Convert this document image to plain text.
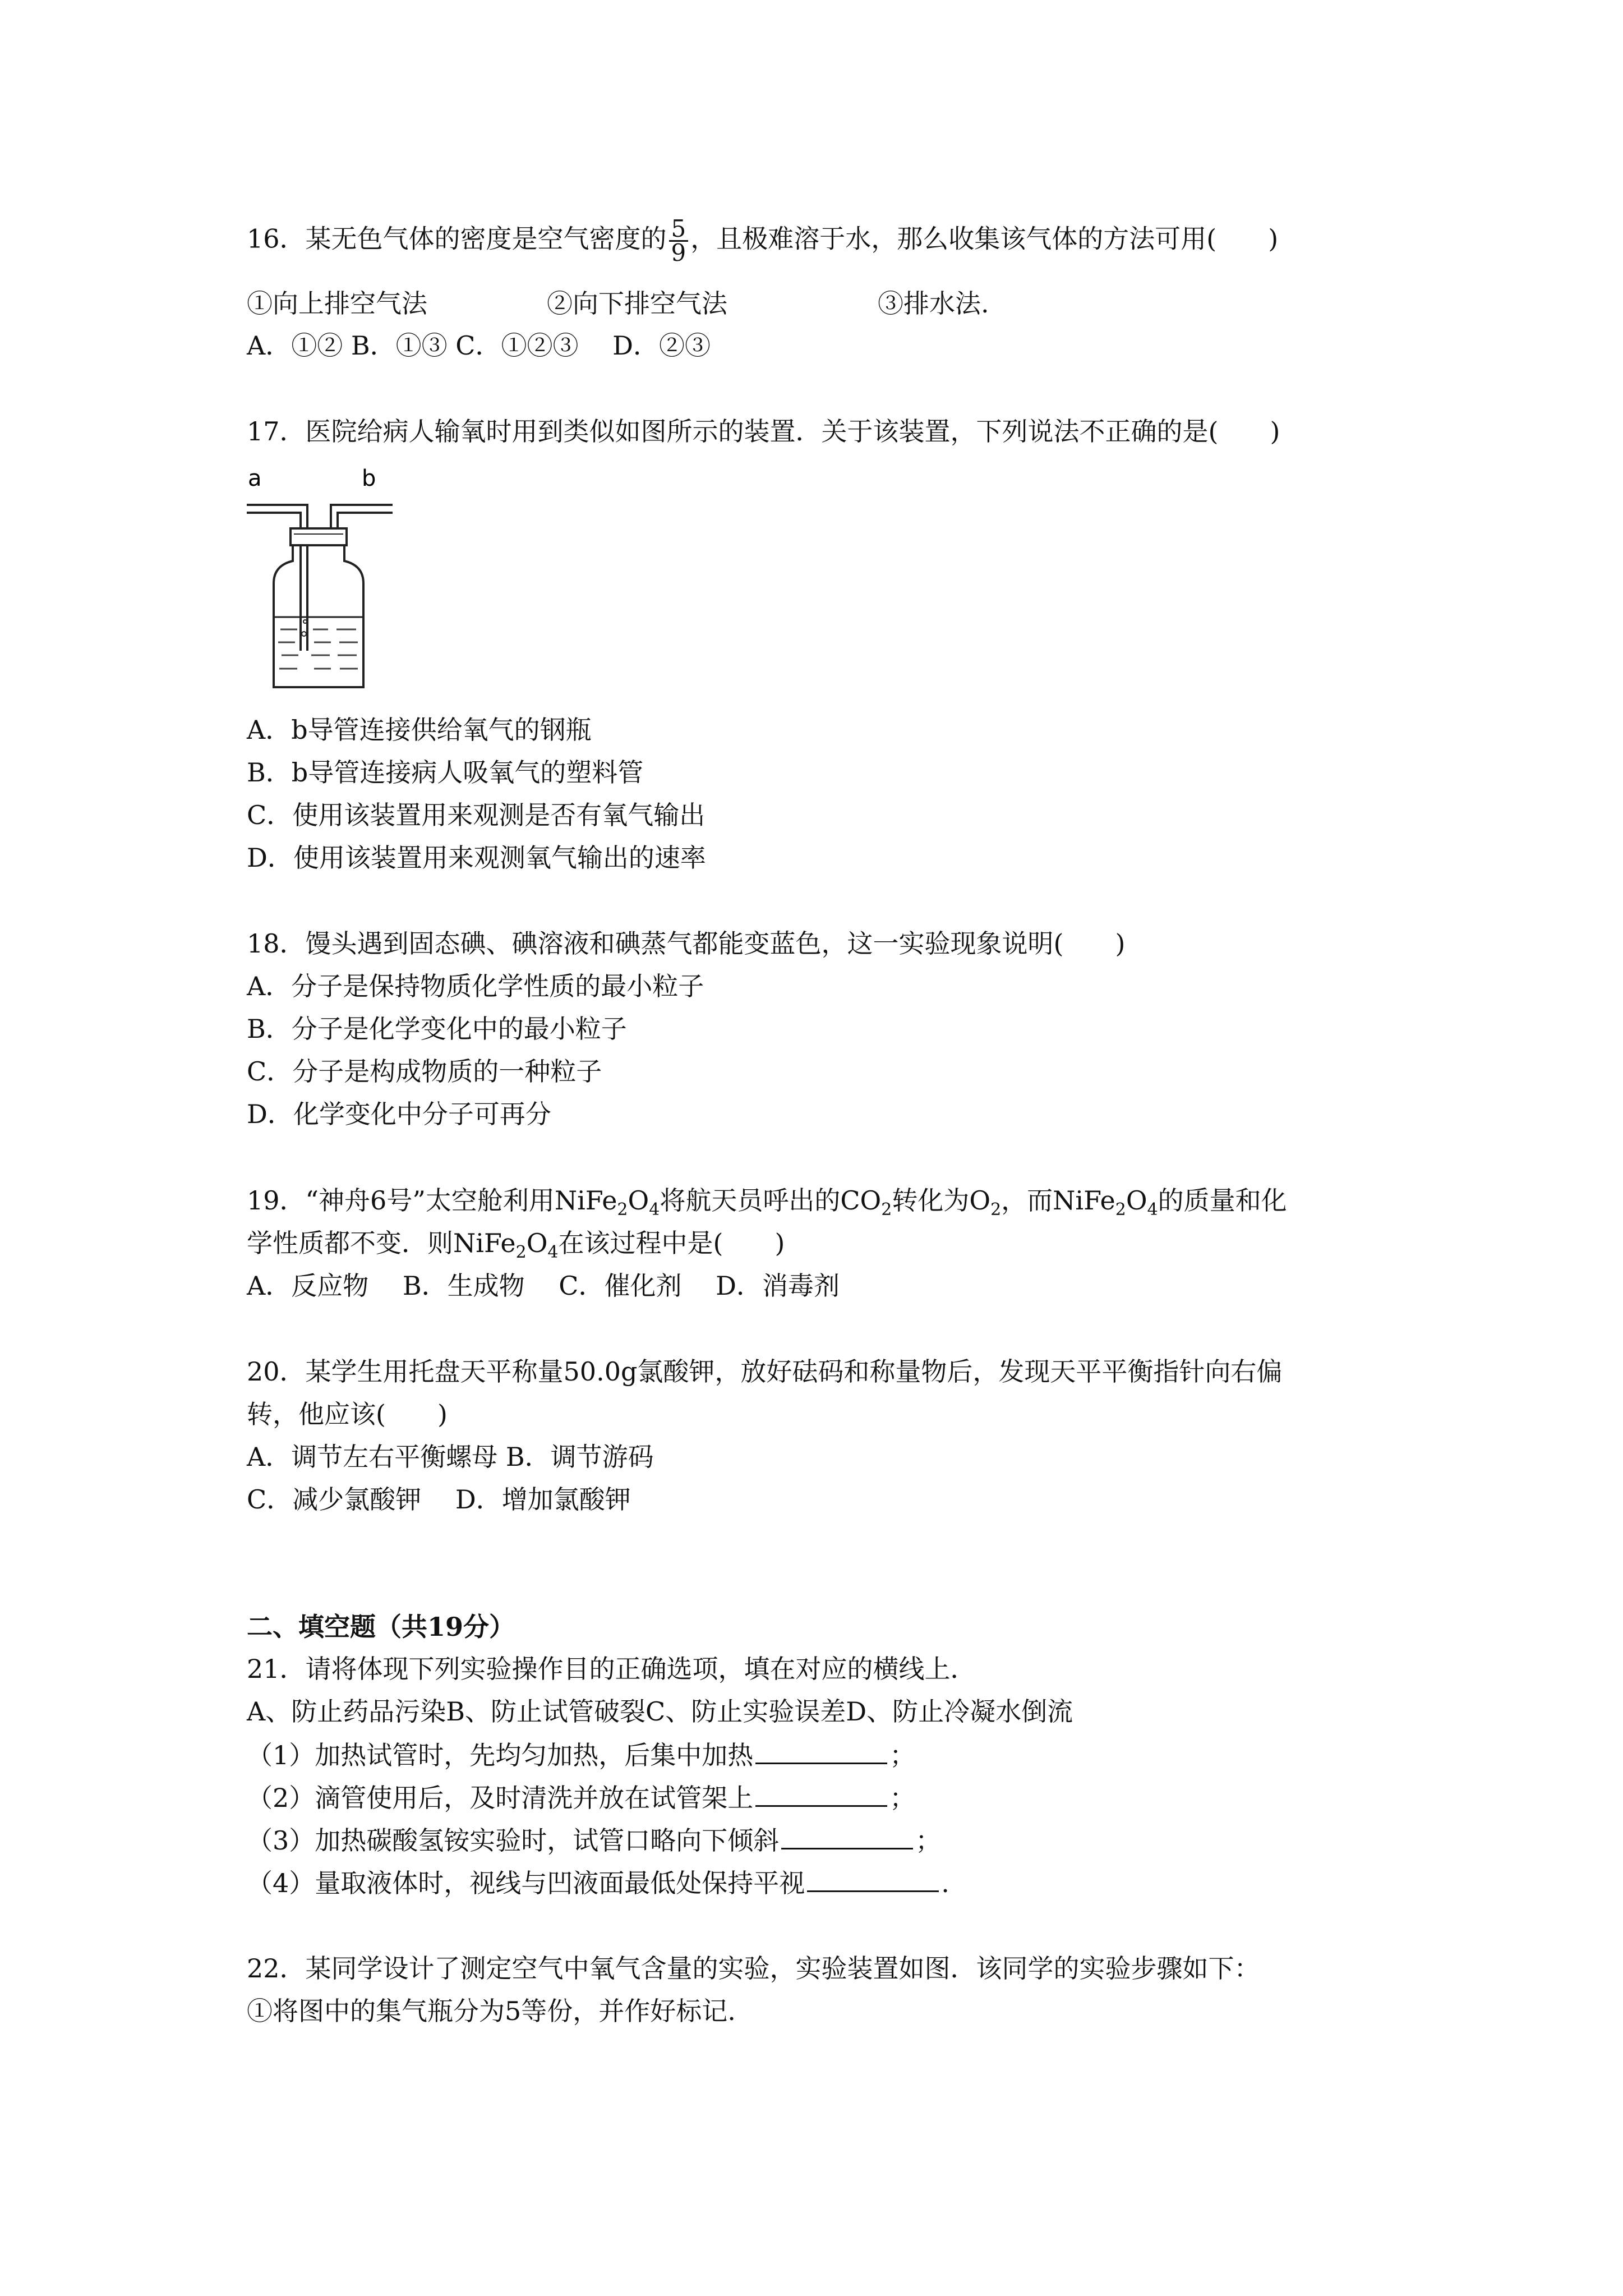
16．某无色气体的密度是空气密度的 $\frac{5}{9}$ ，且极难溶于水，那么收集该气体的方法可用(　　)
①向上排空气法	②向下排空气法	③排水法.
A．①② B．①③ C．①②③　 D．②③
17．医院给病人输氧时用到类似如图所示的装置．关于该装置，下列说法不正确的是(　　)
a	b
A．b导管连接供给氧气的钢瓶
B．b导管连接病人吸氧气的塑料管
C．使用该装置用来观测是否有氧气输出
D．使用该装置用来观测氧气输出的速率
18．馒头遇到固态碘、碘溶液和碘蒸气都能变蓝色，这一实验现象说明(　　)
A．分子是保持物质化学性质的最小粒子
B．分子是化学变化中的最小粒子
C．分子是构成物质的一种粒子
D．化学变化中分子可再分
19．“神舟6号”太空舱利用$NiFe_2O_4$将航天员呼出的$CO_2$转化为$O_2$，而$NiFe_2O_4$的质量和化
学性质都不变．则$NiFe_2O_4$在该过程中是(　　)
A．反应物　 B．生成物　 C．催化剂　 D．消毒剂
20．某学生用托盘天平称量50.0g氯酸钾，放好砝码和称量物后，发现天平平衡指针向右偏
转，他应该(　　)
A．调节左右平衡螺母 B．调节游码
C．减少氯酸钾　 D．增加氯酸钾
二、填空题（共19分）
21．请将体现下列实验操作目的正确选项，填在对应的横线上．
A、防止药品污染B、防止试管破裂C、防止实验误差D、防止冷凝水倒流
（1）加热试管时，先均匀加热，后集中加热	；
（2）滴管使用后，及时清洗并放在试管架上	；
（3）加热碳酸氢铵实验时，试管口略向下倾斜	；
（4）量取液体时，视线与凹液面最低处保持平视	.
22．某同学设计了测定空气中氧气含量的实验，实验装置如图．该同学的实验步骤如下：
①将图中的集气瓶分为5等份，并作好标记.
